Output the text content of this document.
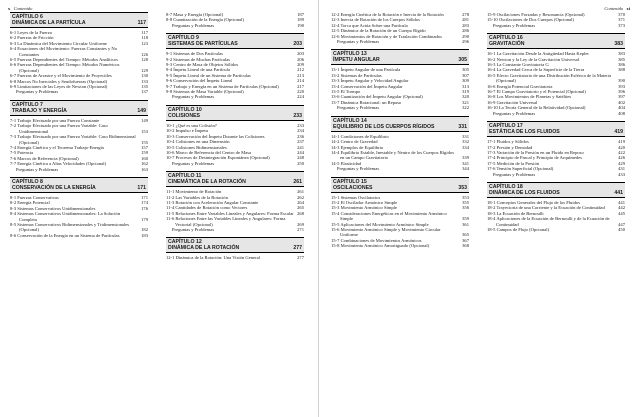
x Contenido
CAPÍTULO 6
DINÁMICA DE LA PARTÍCULA	117
6-1 Leyes de la Fuerza	117
6-2 Fuerzas de Fricción	118
6-3 La Dinámica del Movimiento Circular Uniforme	123
6-4 Ecuaciones del Movimiento: Fuerzas Constantes y No Constantes	126
6-5 Fuerzas Dependientes del Tiempo: Métodos Analíticos	128
6-6 Fuerzas Dependientes del Tiempo: Métodos Numéricos (Opcional)	129
6-7 Fuerzas de Arrastre y el Movimiento de Proyectiles	130
6-8 Marcos No Inerciales y Seudofuerzas (Opcional)	133
6-9 Limitaciones de las Leyes de Newton (Opcional)	135
Preguntas y Problemas	137
CAPÍTULO 7
TRABAJO Y ENERGÍA	149
7-1 Trabajo Efectuado por una Fuerza Constante	149
7-2 Trabajo Efectuado por una Fuerza Variable: Caso Unidimensional	153
7-3 Trabajo Efectuado por una Fuerza Variable: Caso Bidimensional (Opcional)	155
7-4 Energía Cinética y el Teorema Trabajo-Energía	157
7-5 Potencia	159
7-6 Marcos de Referencia (Opcional)	160
7-7 Energía Cinética a Altas Velocidades (Opcional)	162
Preguntas y Problemas	163
CAPÍTULO 8
CONSERVACIÓN DE LA ENERGÍA	171
8-1 Fuerzas Conservativas	171
8-2 Energía Potencial	174
8-3 Sistemas Conservativos Unidimensionales	176
8-4 Sistemas Conservativos Unidimensionales: La Solución Completa	179
8-5 Sistemas Conservativos Bidimensionales y Tridimensionales (Opcional)	182
8-6 Conservación de la Energía en un Sistema de Partículas	183
8-7 Masa y Energía (Opcional)	187
8-8 Cuantización de la Energía (Opcional)	189
Preguntas y Problemas	190
CAPÍTULO 9
SISTEMAS DE PARTÍCULAS	203
9-1 Sistemas de Dos Partículas	203
9-2 Sistemas de Muchas Partículas	206
9-3 Centro de Masa de Objetos Sólidos	209
9-4 Ímpetu Lineal de una Partícula	212
9-5 Ímpetu Lineal de un Sistema de Partículas	213
9-6 Conservación del Ímpetu Lineal	214
9-7 Trabajo y Energía en un Sistema de Partículas (Opcional)	217
9-8 Sistemas de Masa Variable (Opcional)	220
Preguntas y Problemas	224
CAPÍTULO 10
COLISIONES	233
10-1 ¿Qué es una Colisión?	233
10-2 Impulso e Ímpetu	234
10-3 Conservación del Ímpetu Durante las Colisiones	236
10-4 Colisiones en una Dimensión	237
10-5 Colisiones Bidimensionales	241
10-6 Marco de Referencia del Centro de Masa	244
10-7 Procesos de Desintegración Espontánea (Opcional)	248
Preguntas y Problemas	250
CAPÍTULO 11
CINEMÁTICA DE LA ROTACIÓN	261
11-1 Movimiento de Rotación	261
11-2 Las Variables de la Rotación	262
11-3 Rotación con Aceleración Angular Constante	264
11-4 Cantidades de Rotación como Vectores	265
11-5 Relaciones Entre Variables Lineales y Angulares: Forma Escalar 268
11-6 Relaciones Entre las Variables Lineales y Angulares: Forma Vectorial (Opcional)	269
Preguntas y Problemas	271
CAPÍTULO 12
DINÁMICA DE LA ROTACIÓN	277
12-1 Dinámica de la Rotación: Una Visión General	277
Contenido xi
12-2 Energía Cinética de la Rotación e Inercia de la Rotación	278
12-3 Inercia de Rotación de los Cuerpos Sólidos	281
12-4 Torca que Actúa Sobre una Partícula	283
12-5 Dinámica de la Rotación de un Cuerpo Rígido	286
12-6 Movimientos de Rotación y de Traslación Combinados	290
Preguntas y Problemas	296
CAPÍTULO 13
ÍMPETU ANGULAR	305
13-1 Ímpetu Angular de una Partícula	305
13-2 Sistemas de Partículas	307
13-3 Ímpetu Angular y Velocidad Angular	309
13-4 Conservación del Ímpetu Angular	313
13-5 El Trompo	319
13-6 Cuantización del Ímpetu Angular (Opcional)	320
13-7 Dinámica Rotacional: un Repaso	321
Preguntas y Problemas	322
CAPÍTULO 14
EQUILIBRIO DE LOS CUERPOS RÍGIDOS	331
14-1 Condiciones de Equilibrio	331
14-2 Centro de Gravedad	332
14-3 Ejemplos de Equilibrio	334
14-4 Equilibrio Estable, Inestable y Neutro de los Cuerpos Rígidos en un Campo Gravitatorio	339
14-5 Elasticidad	341
Preguntas y Problemas	344
CAPÍTULO 15
OSCILACIONES	353
15-1 Sistemas Oscilatorios	353
15-2 El Oscilador Armónico Simple	355
15-3 Movimiento Armónico Simple	356
15-4 Consideraciones Energéticas en el Movimiento Armónico Simple	359
15-5 Aplicaciones del Movimiento Armónico Simple	361
15-6 Movimiento Armónico Simple y Movimiento Circular Uniforme	365
15-7 Combinaciones de Movimientos Armónicos	367
15-8 Movimiento Armónico Amortiguado (Opcional)	368
15-9 Oscilaciones Forzadas y Resonancia (Opcional)	370
15-10 Oscilaciones de Dos Cuerpos (Opcional)	371
Preguntas y Problemas	373
CAPÍTULO 16
GRAVITACIÓN	383
16-1 La Gravitación Desde la Antigüedad Hasta Kepler	383
16-2 Newton y la Ley de la Gravitación Universal	385
16-3 La Constante Gravitatoria G	386
16-4 La Gravedad Cerca de la Superficie de la Tierra	388
16-5 Efecto Gravitatorio de una Distribución Esférica de la Materia (Opcional)	390
16-6 Energía Potencial Gravitatoria	393
16-7 El Campo Gravitatorio y el Potencial (Opcional)	396
16-8 Los Movimientos de Planetas y Satélites	397
16-9 Gravitación Universal	402
16-10 La Teoría General de la Relatividad (Opcional)	404
Preguntas y Problemas	408
CAPÍTULO 17
ESTÁTICA DE LOS FLUIDOS	419
17-1 Fluidos y Sólidos	419
17-2 Presión y Densidad	420
17-3 Variación de la Presión en un Fluido en Reposo	422
17-4 Principio de Pascal y Principio de Arquímedes	426
17-5 Medición de la Presión	429
17-6 Tensión Superficial (Opcional)	431
Preguntas y Problemas	433
CAPÍTULO 18
DINÁMICA DE LOS FLUIDOS	441
18-1 Conceptos Generales del Flujo de los Fluidos	441
18-2 Trayectoria de una Corriente y la Ecuación de Continuidad	442
18-3 La Ecuación de Bernoulli	445
18-4 Aplicaciones de la Ecuación de Bernoulli y de la Ecuación de Continuidad	447
18-5 Campos de Flujo (Opcional)	450
